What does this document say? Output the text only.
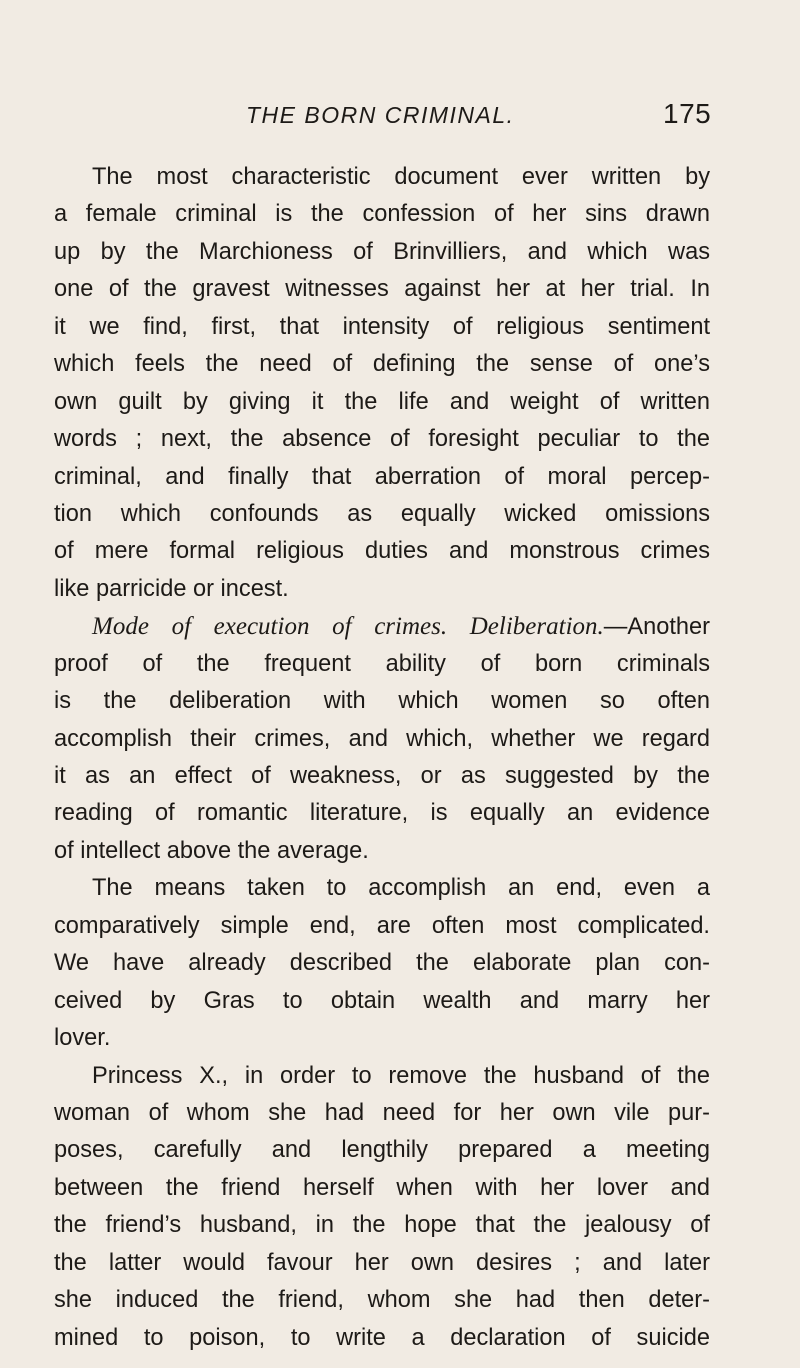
THE BORN CRIMINAL.	175
The most characteristic document ever written by
a female criminal is the confession of her sins drawn
up by the Marchioness of Brinvilliers, and which was
one of the gravest witnesses against her at her trial. In
it we find, first, that intensity of religious sentiment
which feels the need of defining the sense of one’s
own guilt by giving it the life and weight of written
words ; next, the absence of foresight peculiar to the
criminal, and finally that aberration of moral percep-
tion which confounds as equally wicked omissions
of mere formal religious duties and monstrous crimes
like parricide or incest.
Mode of execution of crimes. Deliberation.—Another
proof of the frequent ability of born criminals
is the deliberation with which women so often
accomplish their crimes, and which, whether we regard
it as an effect of weakness, or as suggested by the
reading of romantic literature, is equally an evidence
of intellect above the average.
The means taken to accomplish an end, even a
comparatively simple end, are often most complicated.
We have already described the elaborate plan con-
ceived by Gras to obtain wealth and marry her
lover.
Princess X., in order to remove the husband of the
woman of whom she had need for her own vile pur-
poses, carefully and lengthily prepared a meeting
between the friend herself when with her lover and
the friend’s husband, in the hope that the jealousy of
the latter would favour her own desires ; and later
she induced the friend, whom she had then deter-
mined to poison, to write a declaration of suicide
